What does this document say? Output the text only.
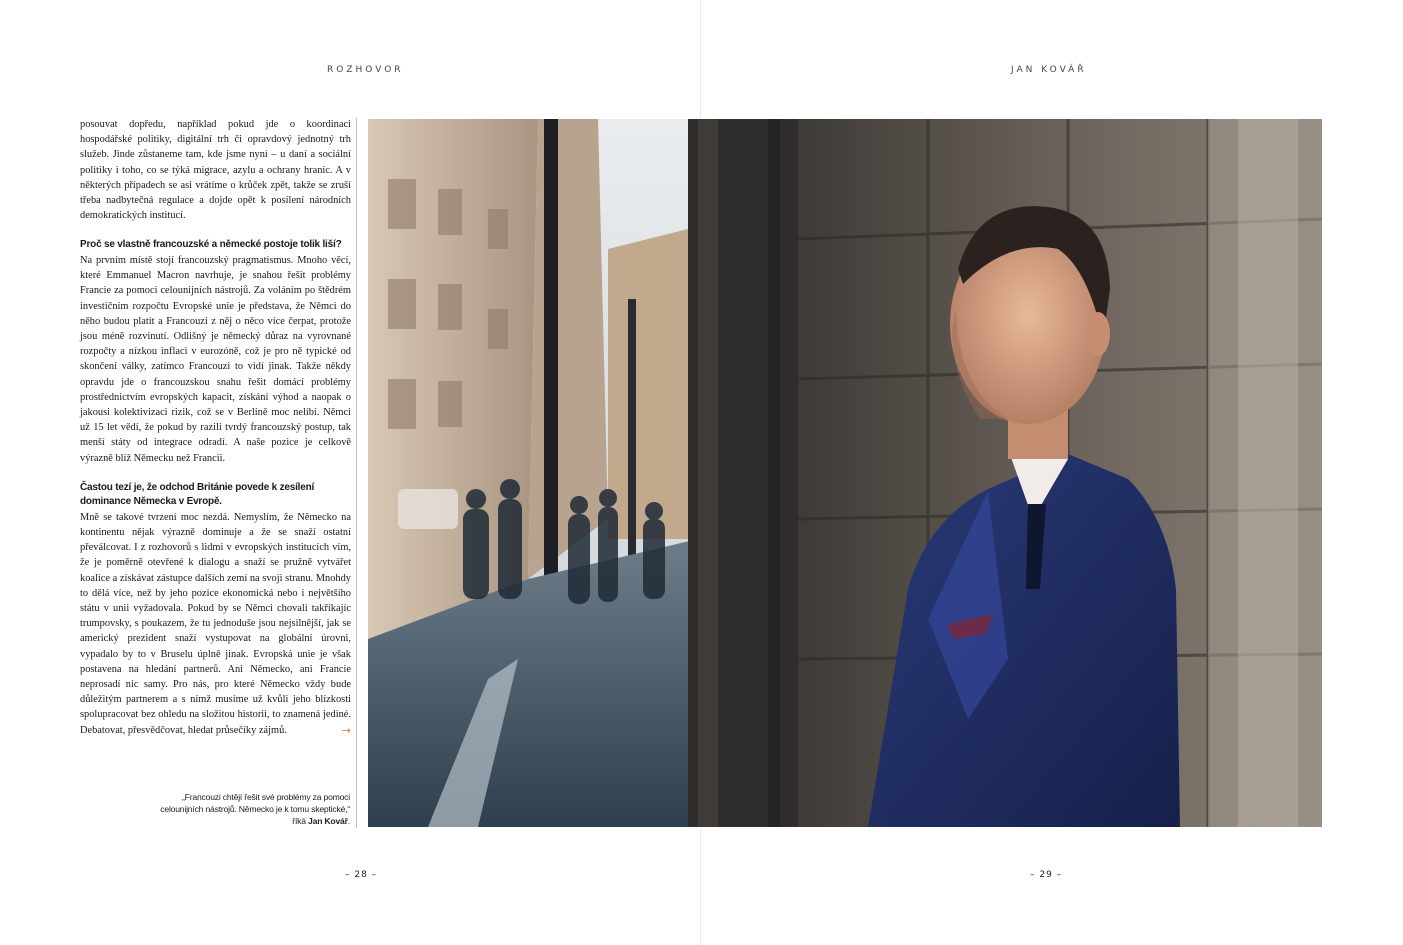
ROZHOVOR	JAN KOVÁŘ

posouvat dopředu, například pokud jde o koordinaci hospodářské politiky, digitální trh či opravdový jednotný trh služeb. Jinde zůstaneme tam, kde jsme nyní – u daní a sociální politiky i toho, co se týká migrace, azylu a ochrany hranic. A v některých případech se asi vrátíme o krůček zpět, takže se zruší třeba nadbytečná regulace a dojde opět k posílení národních demokratických institucí.

Proč se vlastně francouzské a německé postoje tolik liší?

Na prvním místě stojí francouzský pragmatismus. Mnoho věcí, které Emmanuel Macron navrhuje, je snahou řešit problémy Francie za pomoci celounijních nástrojů. Za voláním po štědrém investičním rozpočtu Evropské unie je představa, že Němci do něho budou platit a Francouzi z něj o něco více čerpat, protože jsou méně rozvinutí. Odlišný je německý důraz na vyrovnané rozpočty a nízkou inflaci v eurozóně, což je pro ně typické od skončení války, zatímco Francouzi to vidí jinak. Takže někdy opravdu jde o francouzskou snahu řešit domácí problémy prostřednictvím evropských kapacit, získání výhod a naopak o jakousi kolektivizaci rizik, což se v Berlíně moc nelíbí. Němci už 15 let vědí, že pokud by razili tvrdý francouzský postup, tak menší státy od integrace odradí. A naše pozice je celkově výrazně blíž Německu než Francii.

Častou tezí je, že odchod Británie povede k zesílení dominance Německa v Evropě.

Mně se takové tvrzení moc nezdá. Nemyslím, že Německo na kontinentu nějak výrazně dominuje a že se snaží ostatní převálcovat. I z rozhovorů s lidmi v evropských institucích vím, že je poměrně otevřené k dialogu a snaží se pružně vytvářet koalice a získávat zástupce dalších zemí na svoji stranu. Mnohdy to dělá více, než by jeho pozice ekonomická nebo i největšího státu v unii vyžadovala. Pokud by se Němci chovali takříkajíc trumpovsky, s poukazem, že tu jednoduše jsou nejsilnější, jak se americký prezident snaží vystupovat na globální úrovni, vypadalo by to v Bruselu úplně jinak. Evropská unie je však postavena na hledání partnerů. Ani Německo, ani Francie neprosadí nic samy. Pro nás, pro které Německo vždy bude důležitým partnerem a s nímž musíme už kvůli jeho blízkosti spolupracovat bez ohledu na složitou historii, to znamená jediné. Debatovat, přesvědčovat, hledat průsečíky zájmů.	→
„Francouzi chtějí řešit své problémy za pomoci celounijních nástrojů. Německo je k tomu skeptické,“ říká Jan Kovář.
– 28 –	– 29 –
